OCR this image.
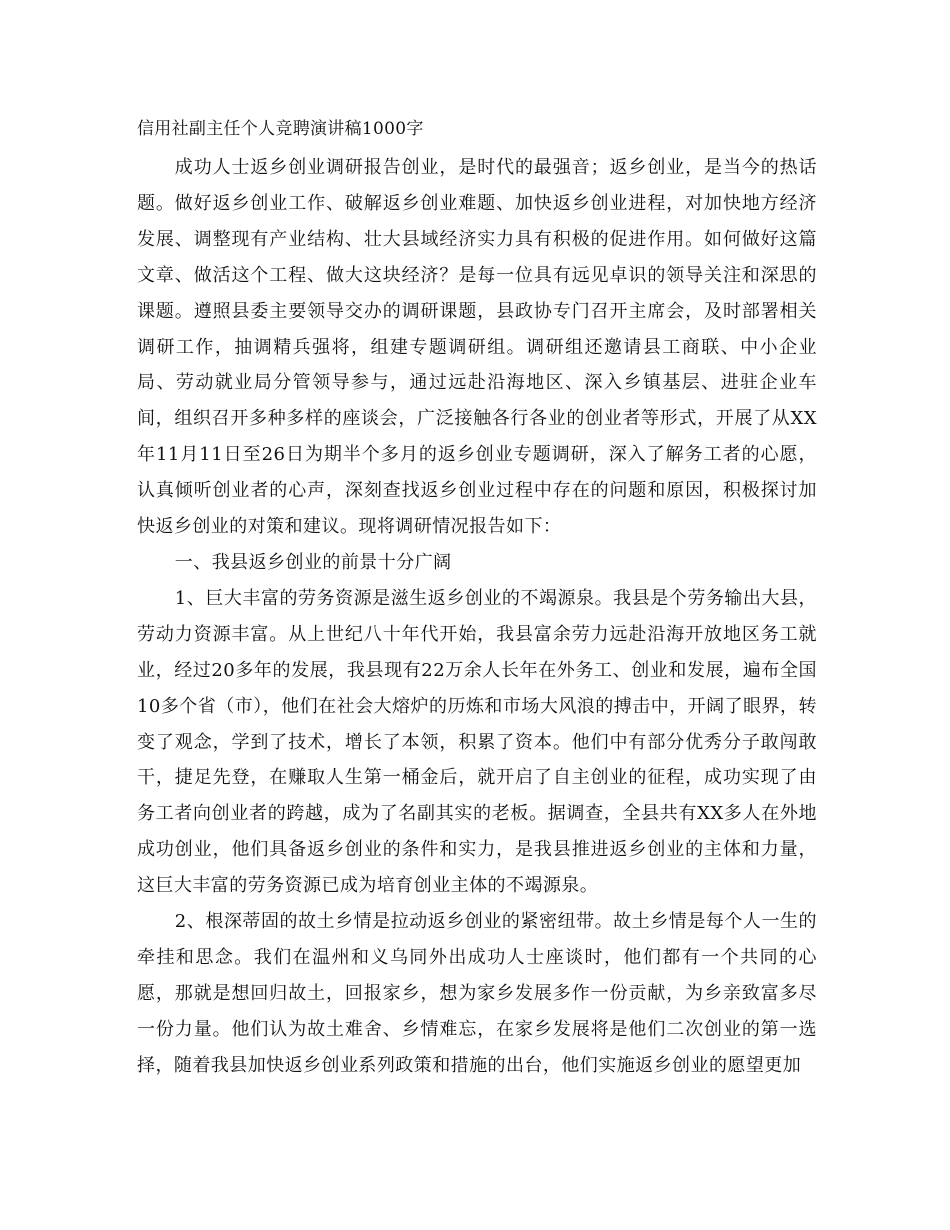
信用社副主任个人竞聘演讲稿1000字

成功人士返乡创业调研报告创业，是时代的最强音；返乡创业，是当今的热话题。做好返乡创业工作、破解返乡创业难题、加快返乡创业进程，对加快地方经济发展、调整现有产业结构、壮大县域经济实力具有积极的促进作用。如何做好这篇文章、做活这个工程、做大这块经济？是每一位具有远见卓识的领导关注和深思的课题。遵照县委主要领导交办的调研课题，县政协专门召开主席会，及时部署相关调研工作，抽调精兵强将，组建专题调研组。调研组还邀请县工商联、中小企业局、劳动就业局分管领导参与，通过远赴沿海地区、深入乡镇基层、进驻企业车间，组织召开多种多样的座谈会，广泛接触各行各业的创业者等形式，开展了从XX年11月11日至26日为期半个多月的返乡创业专题调研，深入了解务工者的心愿，认真倾听创业者的心声，深刻查找返乡创业过程中存在的问题和原因，积极探讨加快返乡创业的对策和建议。现将调研情况报告如下：

一、我县返乡创业的前景十分广阔

1、巨大丰富的劳务资源是滋生返乡创业的不竭源泉。我县是个劳务输出大县，劳动力资源丰富。从上世纪八十年代开始，我县富余劳力远赴沿海开放地区务工就业，经过20多年的发展，我县现有22万余人长年在外务工、创业和发展，遍布全国10多个省（市），他们在社会大熔炉的历炼和市场大风浪的搏击中，开阔了眼界，转变了观念，学到了技术，增长了本领，积累了资本。他们中有部分优秀分子敢闯敢干，捷足先登，在赚取人生第一桶金后，就开启了自主创业的征程，成功实现了由务工者向创业者的跨越，成为了名副其实的老板。据调查，全县共有XX多人在外地成功创业，他们具备返乡创业的条件和实力，是我县推进返乡创业的主体和力量，这巨大丰富的劳务资源已成为培育创业主体的不竭源泉。

2、根深蒂固的故土乡情是拉动返乡创业的紧密纽带。故土乡情是每个人一生的牵挂和思念。我们在温州和义乌同外出成功人士座谈时，他们都有一个共同的心愿，那就是想回归故土，回报家乡，想为家乡发展多作一份贡献，为乡亲致富多尽一份力量。他们认为故土难舍、乡情难忘，在家乡发展将是他们二次创业的第一选择，随着我县加快返乡创业系列政策和措施的出台，他们实施返乡创业的愿望更加
